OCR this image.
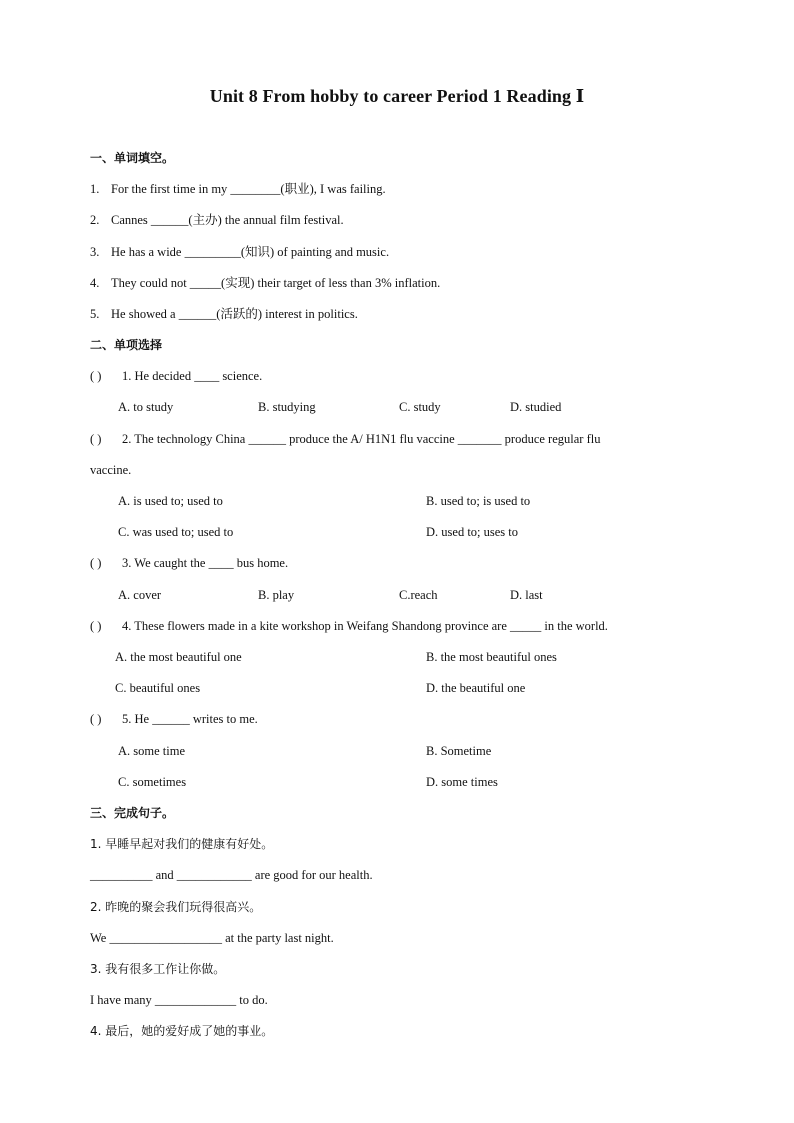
Unit 8 From hobby to career Period 1 Reading Ⅰ
一、单词填空。
1. For the first time in my ________(职业), I was failing.
2. Cannes ______(主办) the annual film festival.
3. He has a wide _________(知识) of painting and music.
4. They could not _____(实现) their target of less than 3% inflation.
5. He showed a ______(活跃的) interest in politics.
二、单项选择
( ) 1. He decided ____ science.
A. to study	B. studying	C. study	D. studied
( ) 2. The technology China ______ produce the A/ H1N1 flu vaccine _______ produce regular flu
vaccine.
A. is used to; used to	B. used to; is used to
C. was used to; used to	D. used to; uses to
( ) 3. We caught the ____ bus home.
A. cover	B. play	C.reach	D. last
( ) 4. These flowers made in a kite workshop in Weifang Shandong province are _____ in the world.
A. the most beautiful one	B. the most beautiful ones
C. beautiful ones	D. the beautiful one
( ) 5. He ______ writes to me.
A. some time	B. Sometime
C. sometimes	D. some times
三、完成句子。
1. 早睡早起对我们的健康有好处。
__________ and ____________ are good for our health.
2. 昨晚的聚会我们玩得很高兴。
We __________________ at the party last night.
3. 我有很多工作让你做。
I have many _____________ to do.
4. 最后，她的爱好成了她的事业。
